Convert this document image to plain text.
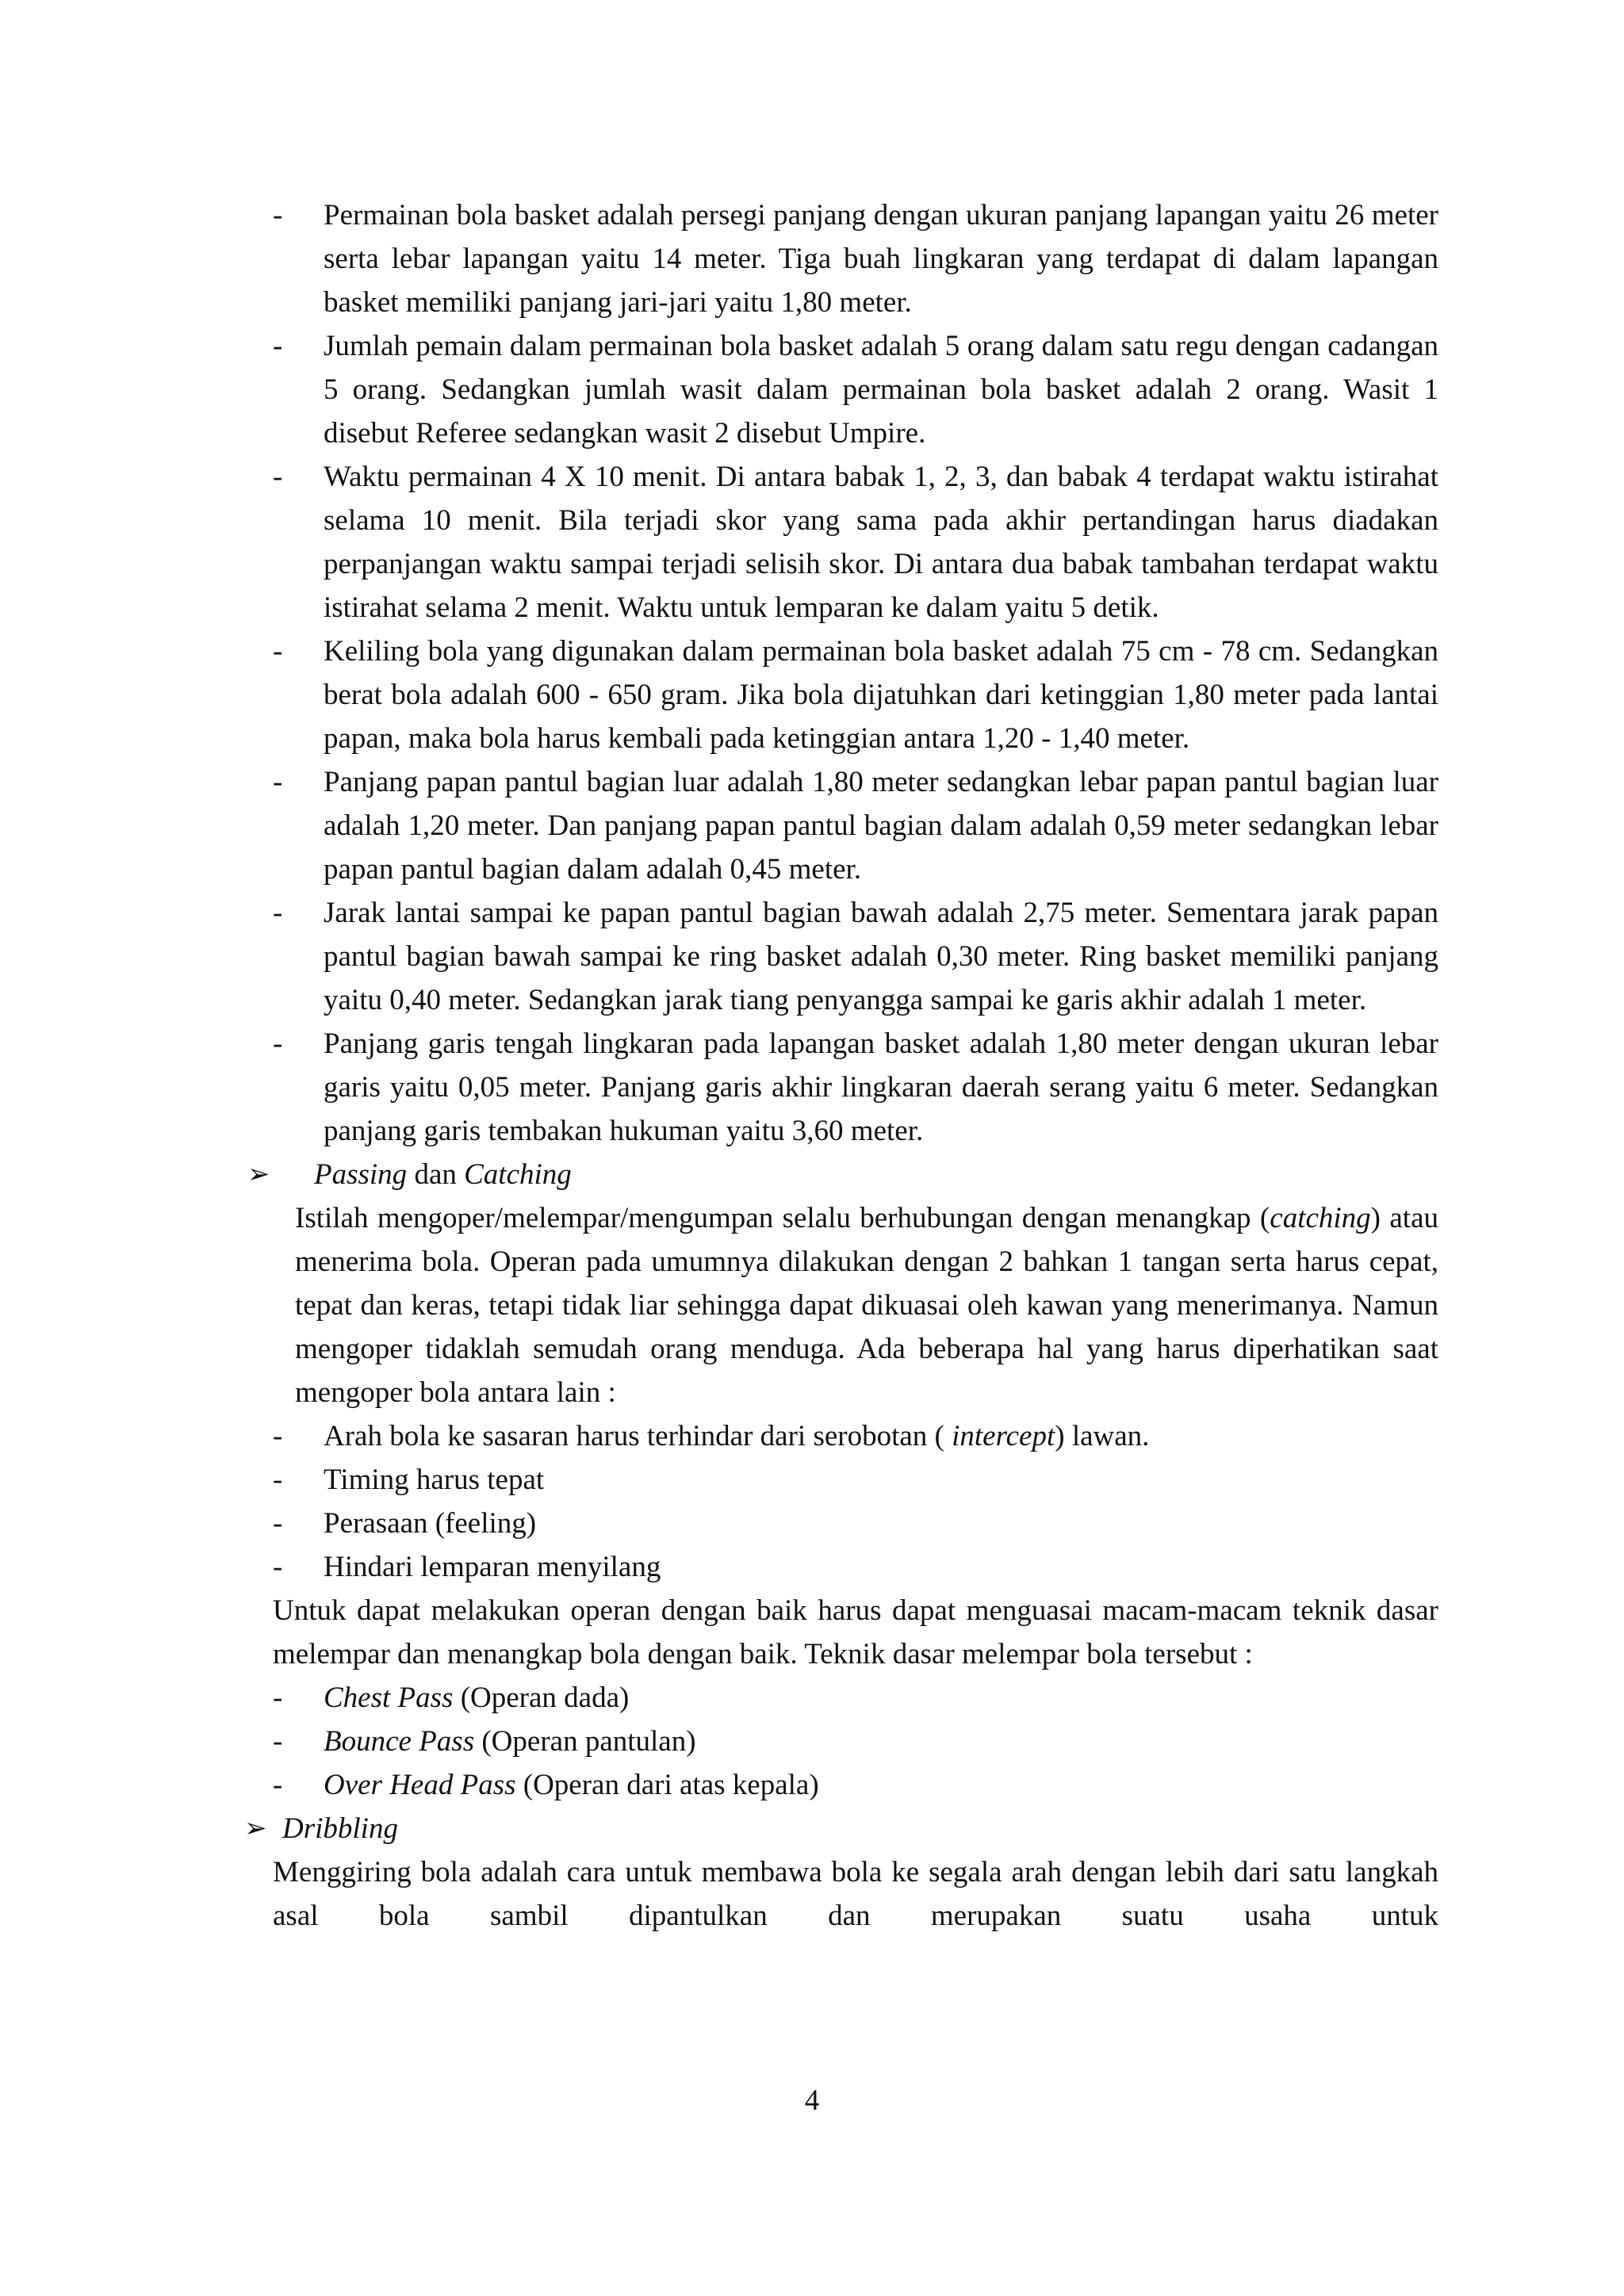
- Permainan bola basket adalah persegi panjang dengan ukuran panjang lapangan yaitu 26 meter serta lebar lapangan yaitu 14 meter. Tiga buah lingkaran yang terdapat di dalam lapangan basket memiliki panjang jari-jari yaitu 1,80 meter.
- Jumlah pemain dalam permainan bola basket adalah 5 orang dalam satu regu dengan cadangan 5 orang. Sedangkan jumlah wasit dalam permainan bola basket adalah 2 orang. Wasit 1 disebut Referee sedangkan wasit 2 disebut Umpire.
- Waktu permainan 4 X 10 menit. Di antara babak 1, 2, 3, dan babak 4 terdapat waktu istirahat selama 10 menit. Bila terjadi skor yang sama pada akhir pertandingan harus diadakan perpanjangan waktu sampai terjadi selisih skor. Di antara dua babak tambahan terdapat waktu istirahat selama 2 menit. Waktu untuk lemparan ke dalam yaitu 5 detik.
- Keliling bola yang digunakan dalam permainan bola basket adalah 75 cm - 78 cm. Sedangkan berat bola adalah 600 - 650 gram. Jika bola dijatuhkan dari ketinggian 1,80 meter pada lantai papan, maka bola harus kembali pada ketinggian antara 1,20 - 1,40 meter.
- Panjang papan pantul bagian luar adalah 1,80 meter sedangkan lebar papan pantul bagian luar adalah 1,20 meter. Dan panjang papan pantul bagian dalam adalah 0,59 meter sedangkan lebar papan pantul bagian dalam adalah 0,45 meter.
- Jarak lantai sampai ke papan pantul bagian bawah adalah 2,75 meter. Sementara jarak papan pantul bagian bawah sampai ke ring basket adalah 0,30 meter. Ring basket memiliki panjang yaitu 0,40 meter. Sedangkan jarak tiang penyangga sampai ke garis akhir adalah 1 meter.
- Panjang garis tengah lingkaran pada lapangan basket adalah 1,80 meter dengan ukuran lebar garis yaitu 0,05 meter. Panjang garis akhir lingkaran daerah serang yaitu 6 meter. Sedangkan panjang garis tembakan hukuman yaitu 3,60 meter.
➢ Passing dan Catching
Istilah mengoper/melempar/mengumpan selalu berhubungan dengan menangkap (catching) atau menerima bola. Operan pada umumnya dilakukan dengan 2 bahkan 1 tangan serta harus cepat, tepat dan keras, tetapi tidak liar sehingga dapat dikuasai oleh kawan yang menerimanya. Namun mengoper tidaklah semudah orang menduga. Ada beberapa hal yang harus diperhatikan saat mengoper bola antara lain :
- Arah bola ke sasaran harus terhindar dari serobotan ( intercept) lawan.
- Timing harus tepat
- Perasaan (feeling)
- Hindari lemparan menyilang
Untuk dapat melakukan operan dengan baik harus dapat menguasai macam-macam teknik dasar melempar dan menangkap bola dengan baik. Teknik dasar melempar bola tersebut :
- Chest Pass (Operan dada)
- Bounce Pass (Operan pantulan)
- Over Head Pass (Operan dari atas kepala)
➢ Dribbling
Menggiring bola adalah cara untuk membawa bola ke segala arah dengan lebih dari satu langkah asal bola sambil dipantulkan dan merupakan suatu usaha untuk
4
